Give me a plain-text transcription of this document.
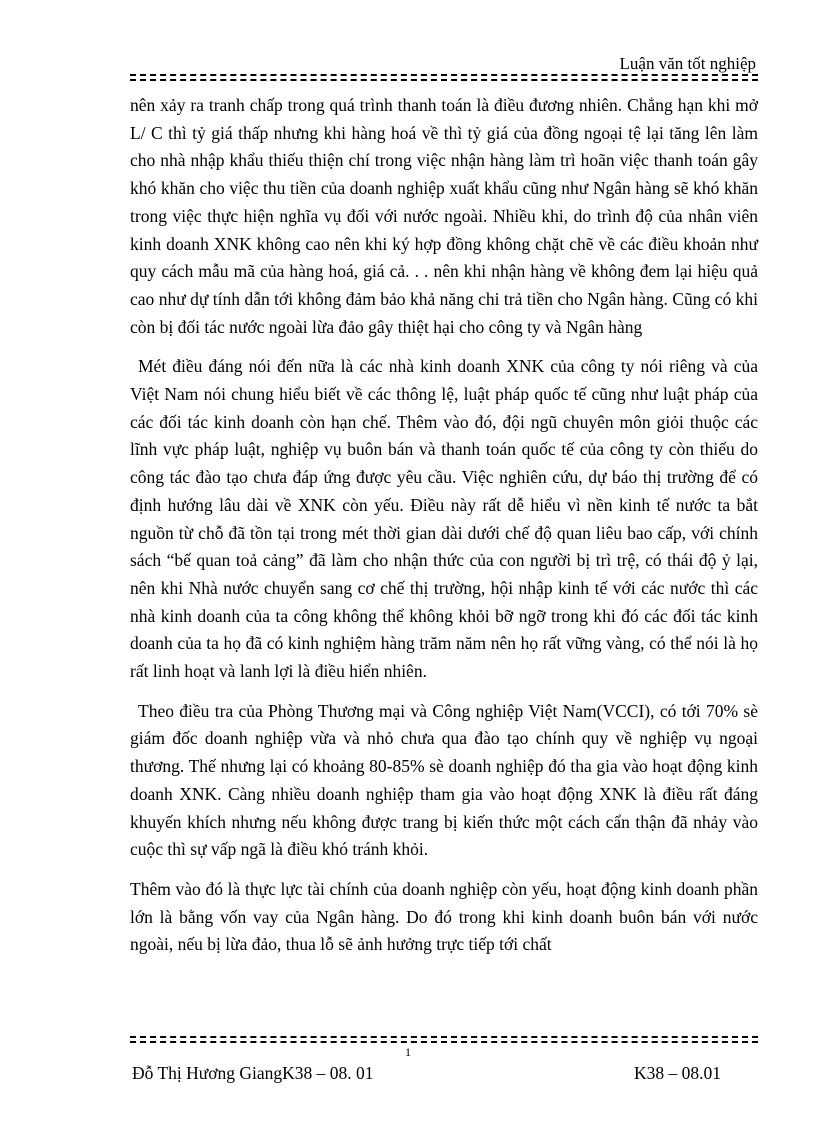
Luận văn tốt nghiệp

nên xảy ra tranh chấp trong quá trình thanh toán là điều đương nhiên. Chẳng hạn khi mở L/ C thì tỷ giá thấp nhưng khi hàng hoá về thì tỷ giá của đồng ngoại tệ lại tăng lên làm cho nhà nhập khẩu thiếu thiện chí trong việc nhận hàng làm trì hoãn việc thanh toán gây khó khăn cho việc thu tiền của doanh nghiệp xuất khẩu cũng như Ngân hàng sẽ khó khăn trong việc thực hiện nghĩa vụ đối với nước ngoài. Nhiều khi, do trình độ của nhân viên kinh doanh XNK không cao nên khi ký hợp đồng không chặt chẽ về các điều khoản như quy cách mẫu mã của hàng hoá, giá cả. . . nên khi nhận hàng về không đem lại hiệu quả cao như dự tính dẫn tới không đảm bảo khả năng chi trả tiền cho Ngân hàng. Cũng có khi còn bị đối tác nước ngoài lừa đảo gây thiệt hại cho công ty và Ngân hàng

Mét điều đáng nói đến nữa là các nhà kinh doanh XNK của công ty nói riêng và của Việt Nam nói chung hiểu biết về các thông lệ, luật pháp quốc tế cũng như luật pháp của các đối tác kinh doanh còn hạn chế. Thêm vào đó, đội ngũ chuyên môn giỏi thuộc các lĩnh vực pháp luật, nghiệp vụ buôn bán và thanh toán quốc tế của công ty còn thiếu do công tác đào tạo chưa đáp ứng được yêu cầu. Việc nghiên cứu, dự báo thị trường để có định hướng lâu dài về XNK còn yếu. Điều này rất dễ hiểu vì nền kinh tế nước ta bắt nguồn từ chỗ đã tồn tại trong mét thời gian dài dưới chế độ quan liêu bao cấp, với chính sách “bế quan toả cảng” đã làm cho nhận thức của con người bị trì trệ, có thái độ ỷ lại, nên khi Nhà nước chuyển sang cơ chế thị trường, hội nhập kinh tế với các nước thì các nhà kinh doanh của ta công không thể không khỏi bỡ ngỡ trong khi đó các đối tác kinh doanh của ta họ đã có kinh nghiệm hàng trăm năm nên họ rất vững vàng, có thể nói là họ rất linh hoạt và lanh lợi là điều hiển nhiên.

Theo điều tra của Phòng Thương mại và Công nghiệp Việt Nam(VCCI), có tới 70% sè giám đốc doanh nghiệp vừa và nhỏ chưa qua đào tạo chính quy về nghiệp vụ ngoại thương. Thế nhưng lại có khoảng 80-85% sè doanh nghiệp đó tha gia vào hoạt động kinh doanh XNK. Càng nhiều doanh nghiệp tham gia vào hoạt động XNK là điều rất đáng khuyến khích nhưng nếu không được trang bị kiến thức một cách cẩn thận đã nhảy vào cuộc thì sự vấp ngã là điều khó tránh khỏi.

Thêm vào đó là thực lực tài chính của doanh nghiệp còn yếu, hoạt động kinh doanh phần lớn là bằng vốn vay của Ngân hàng. Do đó trong khi kinh doanh buôn bán với nước ngoài, nếu bị lừa đảo, thua lỗ sẽ ảnh hưởng trực tiếp tới chất

1
Đỗ Thị Hương GiangK38 – 08. 01	K38 – 08.01
